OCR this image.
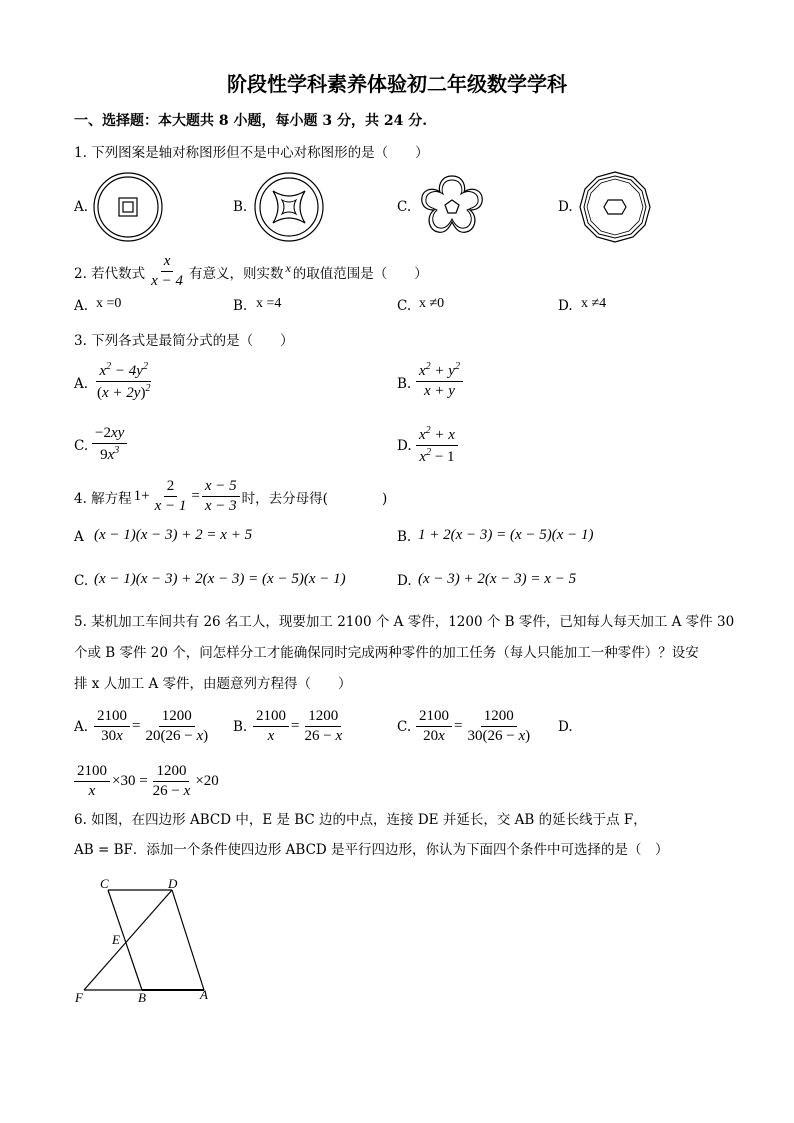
阶段性学科素养体验初二年级数学学科
一、选择题：本大题共 8 小题，每小题 3 分，共 24 分.
1. 下列图案是轴对称图形但不是中心对称图形的是（　　）
A.	B.	C.	D.
2. 若代数式 $\frac{x}{x - 4}$ 有意义，则实数 x 的取值范围是（　　）
A. x =0	B. x =4	C. x ≠0	D. x ≠4
3. 下列各式是最简分式的是（　　）
A. $\frac{x^2 - 4y^2}{(x + 2y)^2}$	B. $\frac{x^2 + y^2}{x + y}$
C. $\frac{-2xy}{9x^3}$	D. $\frac{x^2 + x}{x^2 - 1}$
4. 解方程 $1+ \frac{2}{x - 1} = \frac{x - 5}{x - 3}$ 时，去分母得(　　　　)
A (x − 1)(x − 3) + 2 = x + 5	B. 1 + 2(x − 3) = (x − 5)(x − 1)
C. (x − 1)(x − 3) + 2(x − 3) = (x − 5)(x − 1)	D. (x − 3) + 2(x − 3) = x − 5
5. 某机加工车间共有 26 名工人，现要加工 2100 个 A 零件，1200 个 B 零件，已知每人每天加工 A 零件 30
个或 B 零件 20 个，问怎样分工才能确保同时完成两种零件的加工任务（每人只能加工一种零件）？设安
排 x 人加工 A 零件，由题意列方程得（　　）
A. $\frac{2100}{30x} = \frac{1200}{20(26 - x)} B$. $\frac{2100}{x} = \frac{1200}{26 - x}$	C. $\frac{2100}{20x} = \frac{1200}{30(26 - x)} D$.
$\frac{2100}{x} \times 30 = \frac{1200}{26 - x} \times 20$
6. 如图，在四边形 ABCD 中，E 是 BC 边的中点，连接 DE 并延长，交 AB 的延长线于点 F，
AB = BF．添加一个条件使四边形 ABCD 是平行四边形，你认为下面四个条件中可选择的是（　）
C	D
E
F	B	A
